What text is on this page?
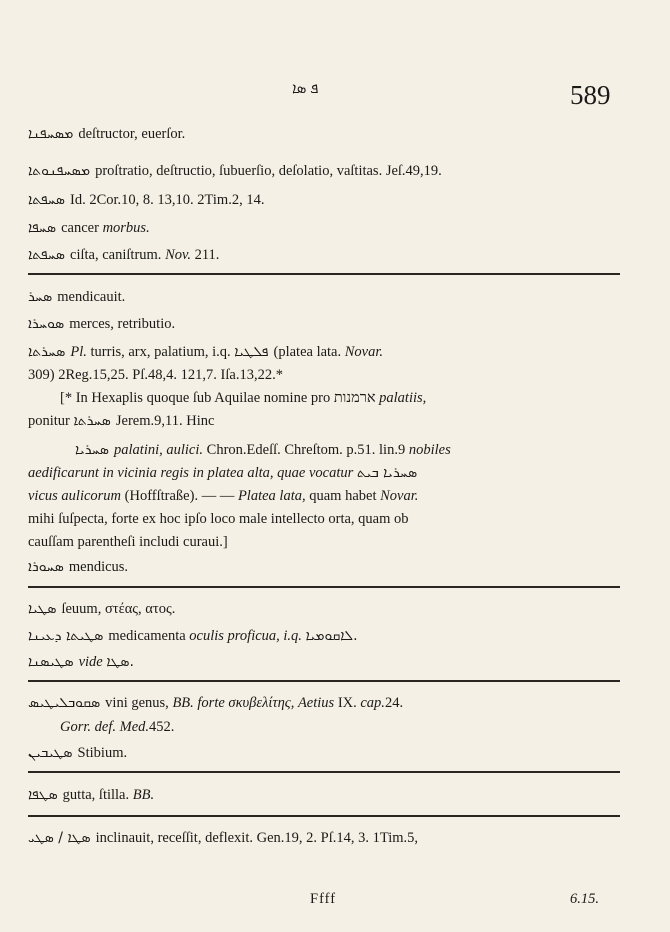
ܦ ܣܐ	589
ܡܣܚܦܢܐ deſtructor, euerſor.
ܡܣܚܦܢܘܬܐ proſtratio, deſtructio, ſubuerſio, deſolatio, vaſtitas. Jeſ.49,19.
ܣܚܦܬܐ Id. 2Cor.10, 8. 13,10. 2Tim.2, 14.
ܣܚܦܐ cancer morbus.
ܣܚܦܬܐ ciſta, caniſtrum. Nov. 211.
ܣܚܪ mendicauit.
ܣܘܚܪܐ merces, retributio.
ܣܚܪܬܐ Pl. turris, arx, palatium, i.q. ܦܠܛܝܐ (platea lata. Novar.
309) 2Reg.15,25. Pſ.48,4. 121,7. Iſa.13,22.*
[* In Hexaplis quoque ſub Aquilae nomine pro ארמנות palatiis,
ponitur ܣܚܪܬܐ Jerem.9,11. Hinc
ܣܚܪܝܐ palatini, aulici. Chron.Edeſſ. Chreſtom. p.51. lin.9 nobiles
aedificarunt in vicinia regis in platea alta, quae vocatur ܣܚܪܝܐ ܒܝܬ
vicus aulicorum (Hoffſtraße). — — Platea lata, quam habet Novar.
mihi ſuſpecta, forte ex hoc ipſo loco male intellecto orta, quam ob
cauſſam parentheſi includi curaui.]
ܣܚܘܪܐ mendicus.
ܣܛܝܐ ſeuum, στέας, ατος.
ܣܛܝܬܐ ܕܥܝܢܐ medicamenta oculis proficua, i.q. ܠܐܩܘܡܝܐ.
ܣܛܝܣܢܐ vide ܣܛܐ.
ܣܩܘܒܠܝܛܝܣ vini genus, BB. forte σκυβελίτης, Aetius IX. cap.24.
Gorr. def. Med.452.
ܣܛܝܒܝܢ Stibium.
ܣܛܦܐ gutta, ſtilla. BB.
ܣܛܐ / ܣܛܝ inclinauit, receſſit, deflexit. Gen.19, 2. Pſ.14, 3. 1Tim.5,
Ffff	6.15.
